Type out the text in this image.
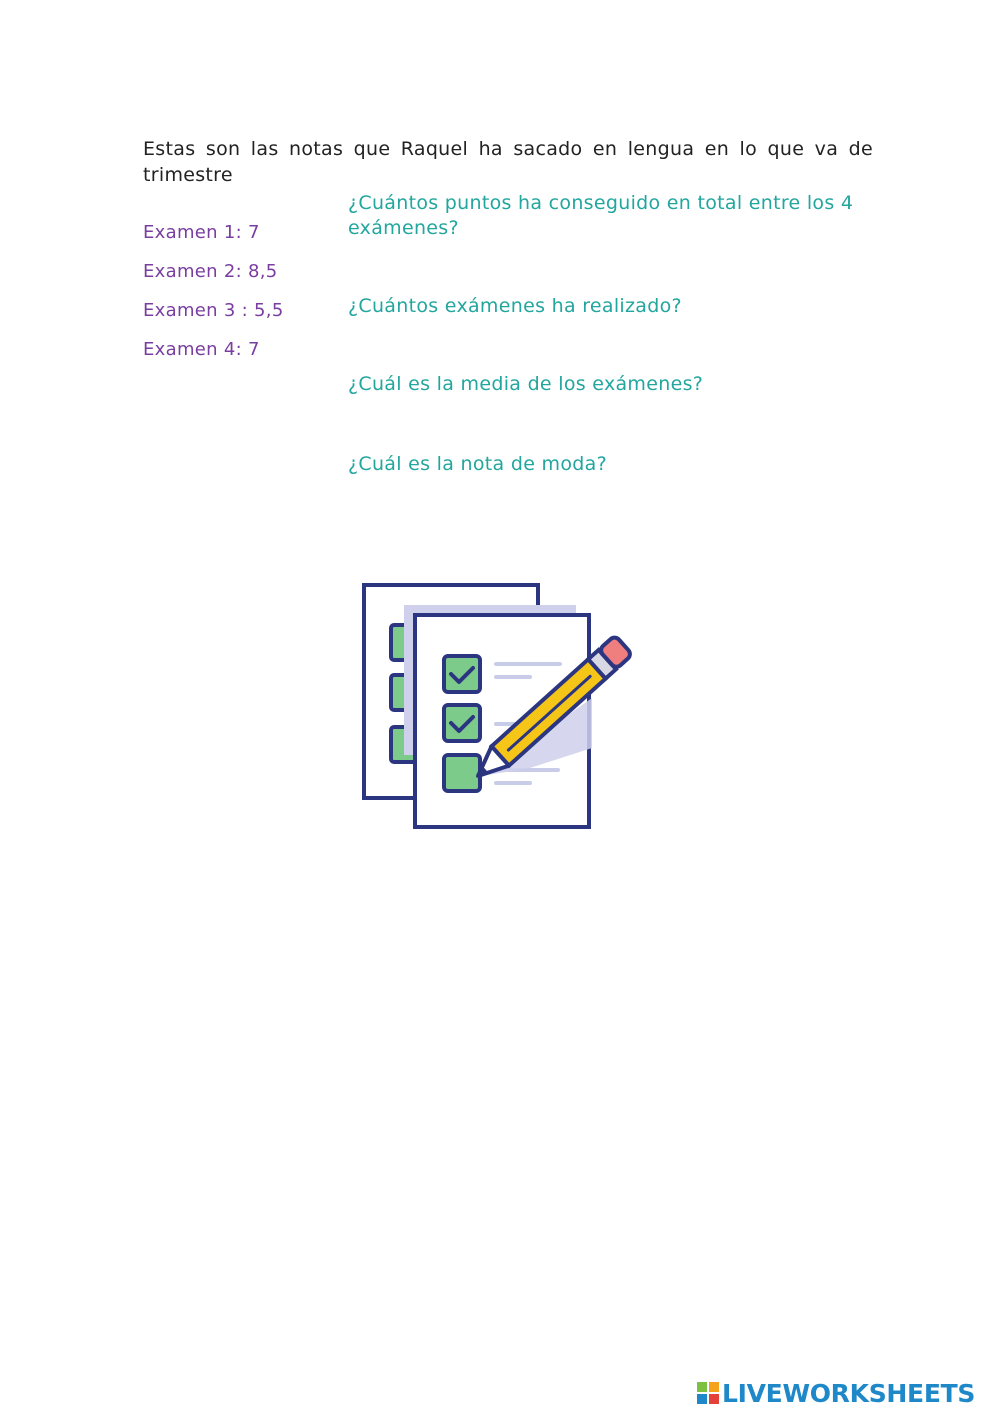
Estas son las notas que Raquel ha sacado en lengua en lo que va de trimestre

Examen 1: 7
Examen 2: 8,5
Examen 3 : 5,5
Examen 4: 7
¿Cuántos puntos ha conseguido en total entre los 4 exámenes?
¿Cuántos exámenes ha realizado?
¿Cuál es la media de los exámenes?
¿Cuál es la nota de moda?
LIVEWORKSHEETS
